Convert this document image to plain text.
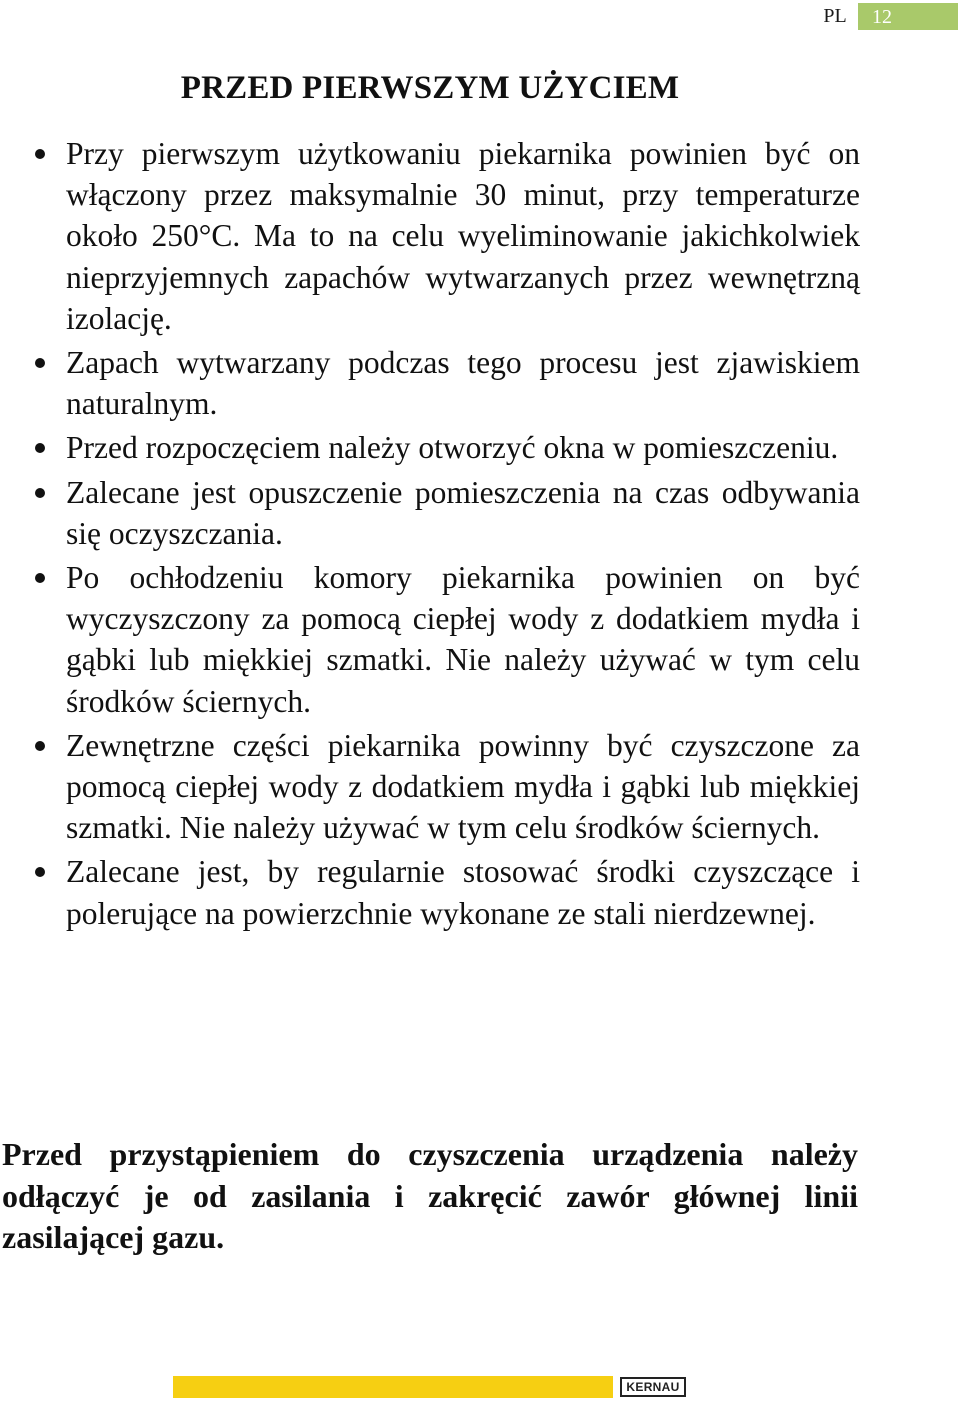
PL 12
PRZED PIERWSZYM UŻYCIEM
Przy pierwszym użytkowaniu piekarnika powinien być on włączony przez maksymalnie 30 minut, przy temperaturze około 250°C. Ma to na celu wyeliminowanie jakichkolwiek nieprzyjemnych zapachów wytwarzanych przez wewnętrzną izolację.
Zapach wytwarzany podczas tego procesu jest zjawiskiem naturalnym.
Przed rozpoczęciem należy otworzyć okna w pomieszczeniu.
Zalecane jest opuszczenie pomieszczenia na czas odbywania się oczyszczania.
Po ochłodzeniu komory piekarnika powinien on być wyczyszczony za pomocą ciepłej wody z dodatkiem mydła i gąbki lub miękkiej szmatki. Nie należy używać w tym celu środków ściernych.
Zewnętrzne części piekarnika powinny być czyszczone za pomocą ciepłej wody z dodatkiem mydła i gąbki lub miękkiej szmatki. Nie należy używać w tym celu środków ściernych.
Zalecane jest, by regularnie stosować środki czyszczące i polerujące na powierzchnie wykonane ze stali nierdzewnej.

Przed przystąpieniem do czyszczenia urządzenia należy odłączyć je od zasilania i zakręcić zawór głównej linii zasilającej gazu.

KERNAU
